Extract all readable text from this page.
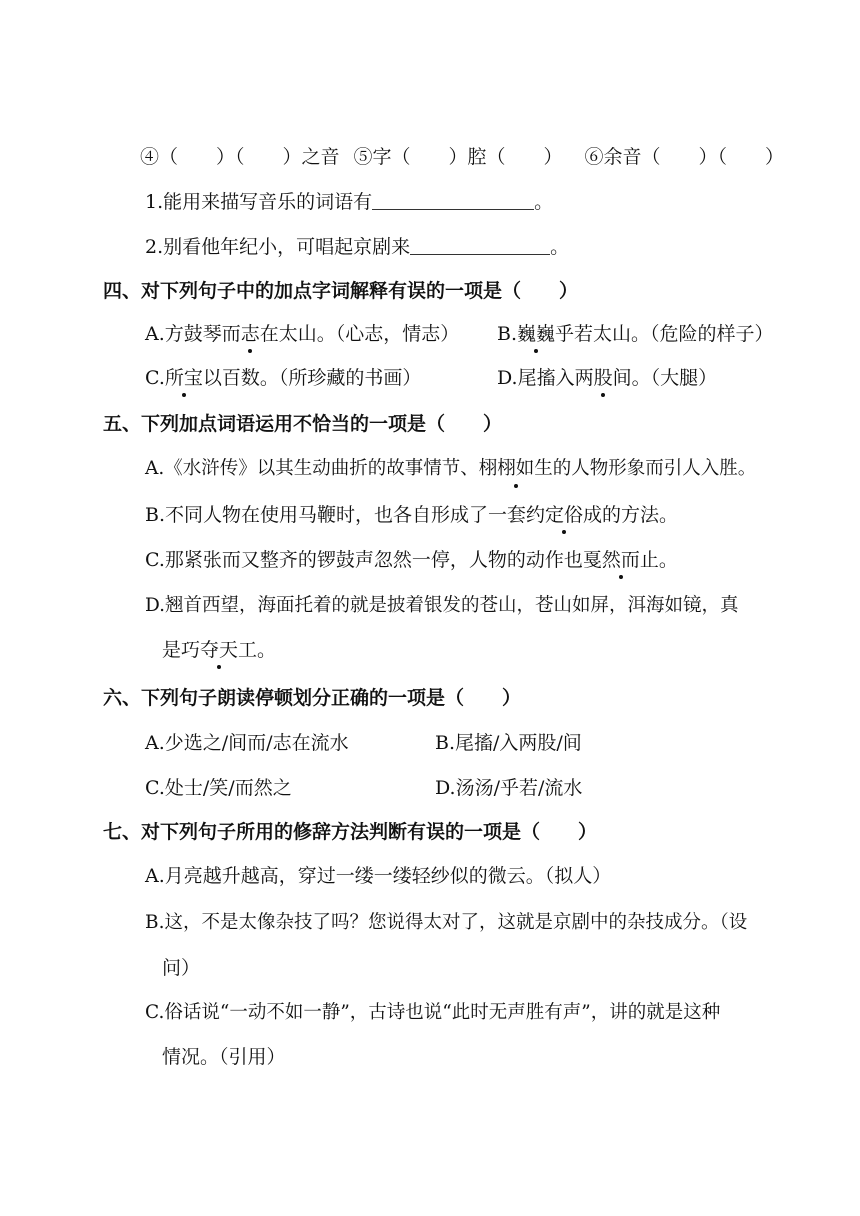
④（　　）（　　）之音 ⑤字（　　）腔（　　） ⑥余音（　　）（　　）
1.能用来描写音乐的词语有	。
2.别看他年纪小，可唱起京剧来	。
四、对下列句子中的加点字词解释有误的一项是（　　）
A.方鼓琴而志在太山。（心志，情志） B.巍巍乎若太山。（危险的样子）
C.所宝以百数。（所珍藏的书画）	D.尾搐入两股间。（大腿）
五、下列加点词语运用不恰当的一项是（　　）
A.《水浒传》以其生动曲折的故事情节、栩栩如生的人物形象而引人入胜。
B.不同人物在使用马鞭时，也各自形成了一套约定俗成的方法。
C.那紧张而又整齐的锣鼓声忽然一停，人物的动作也戛然而止。
D.翘首西望，海面托着的就是披着银发的苍山，苍山如屏，洱海如镜，真
是巧夺天工。
六、下列句子朗读停顿划分正确的一项是（　　）
A.少选之/间而/志在流水	B.尾搐/入两股/间
C.处士/笑/而然之	D.汤汤/乎若/流水
七、对下列句子所用的修辞方法判断有误的一项是（　　）
A.月亮越升越高，穿过一缕一缕轻纱似的微云。（拟人）
B.这，不是太像杂技了吗？您说得太对了，这就是京剧中的杂技成分。（设
问）
C.俗话说“一动不如一静”，古诗也说“此时无声胜有声”，讲的就是这种
情况。（引用）
